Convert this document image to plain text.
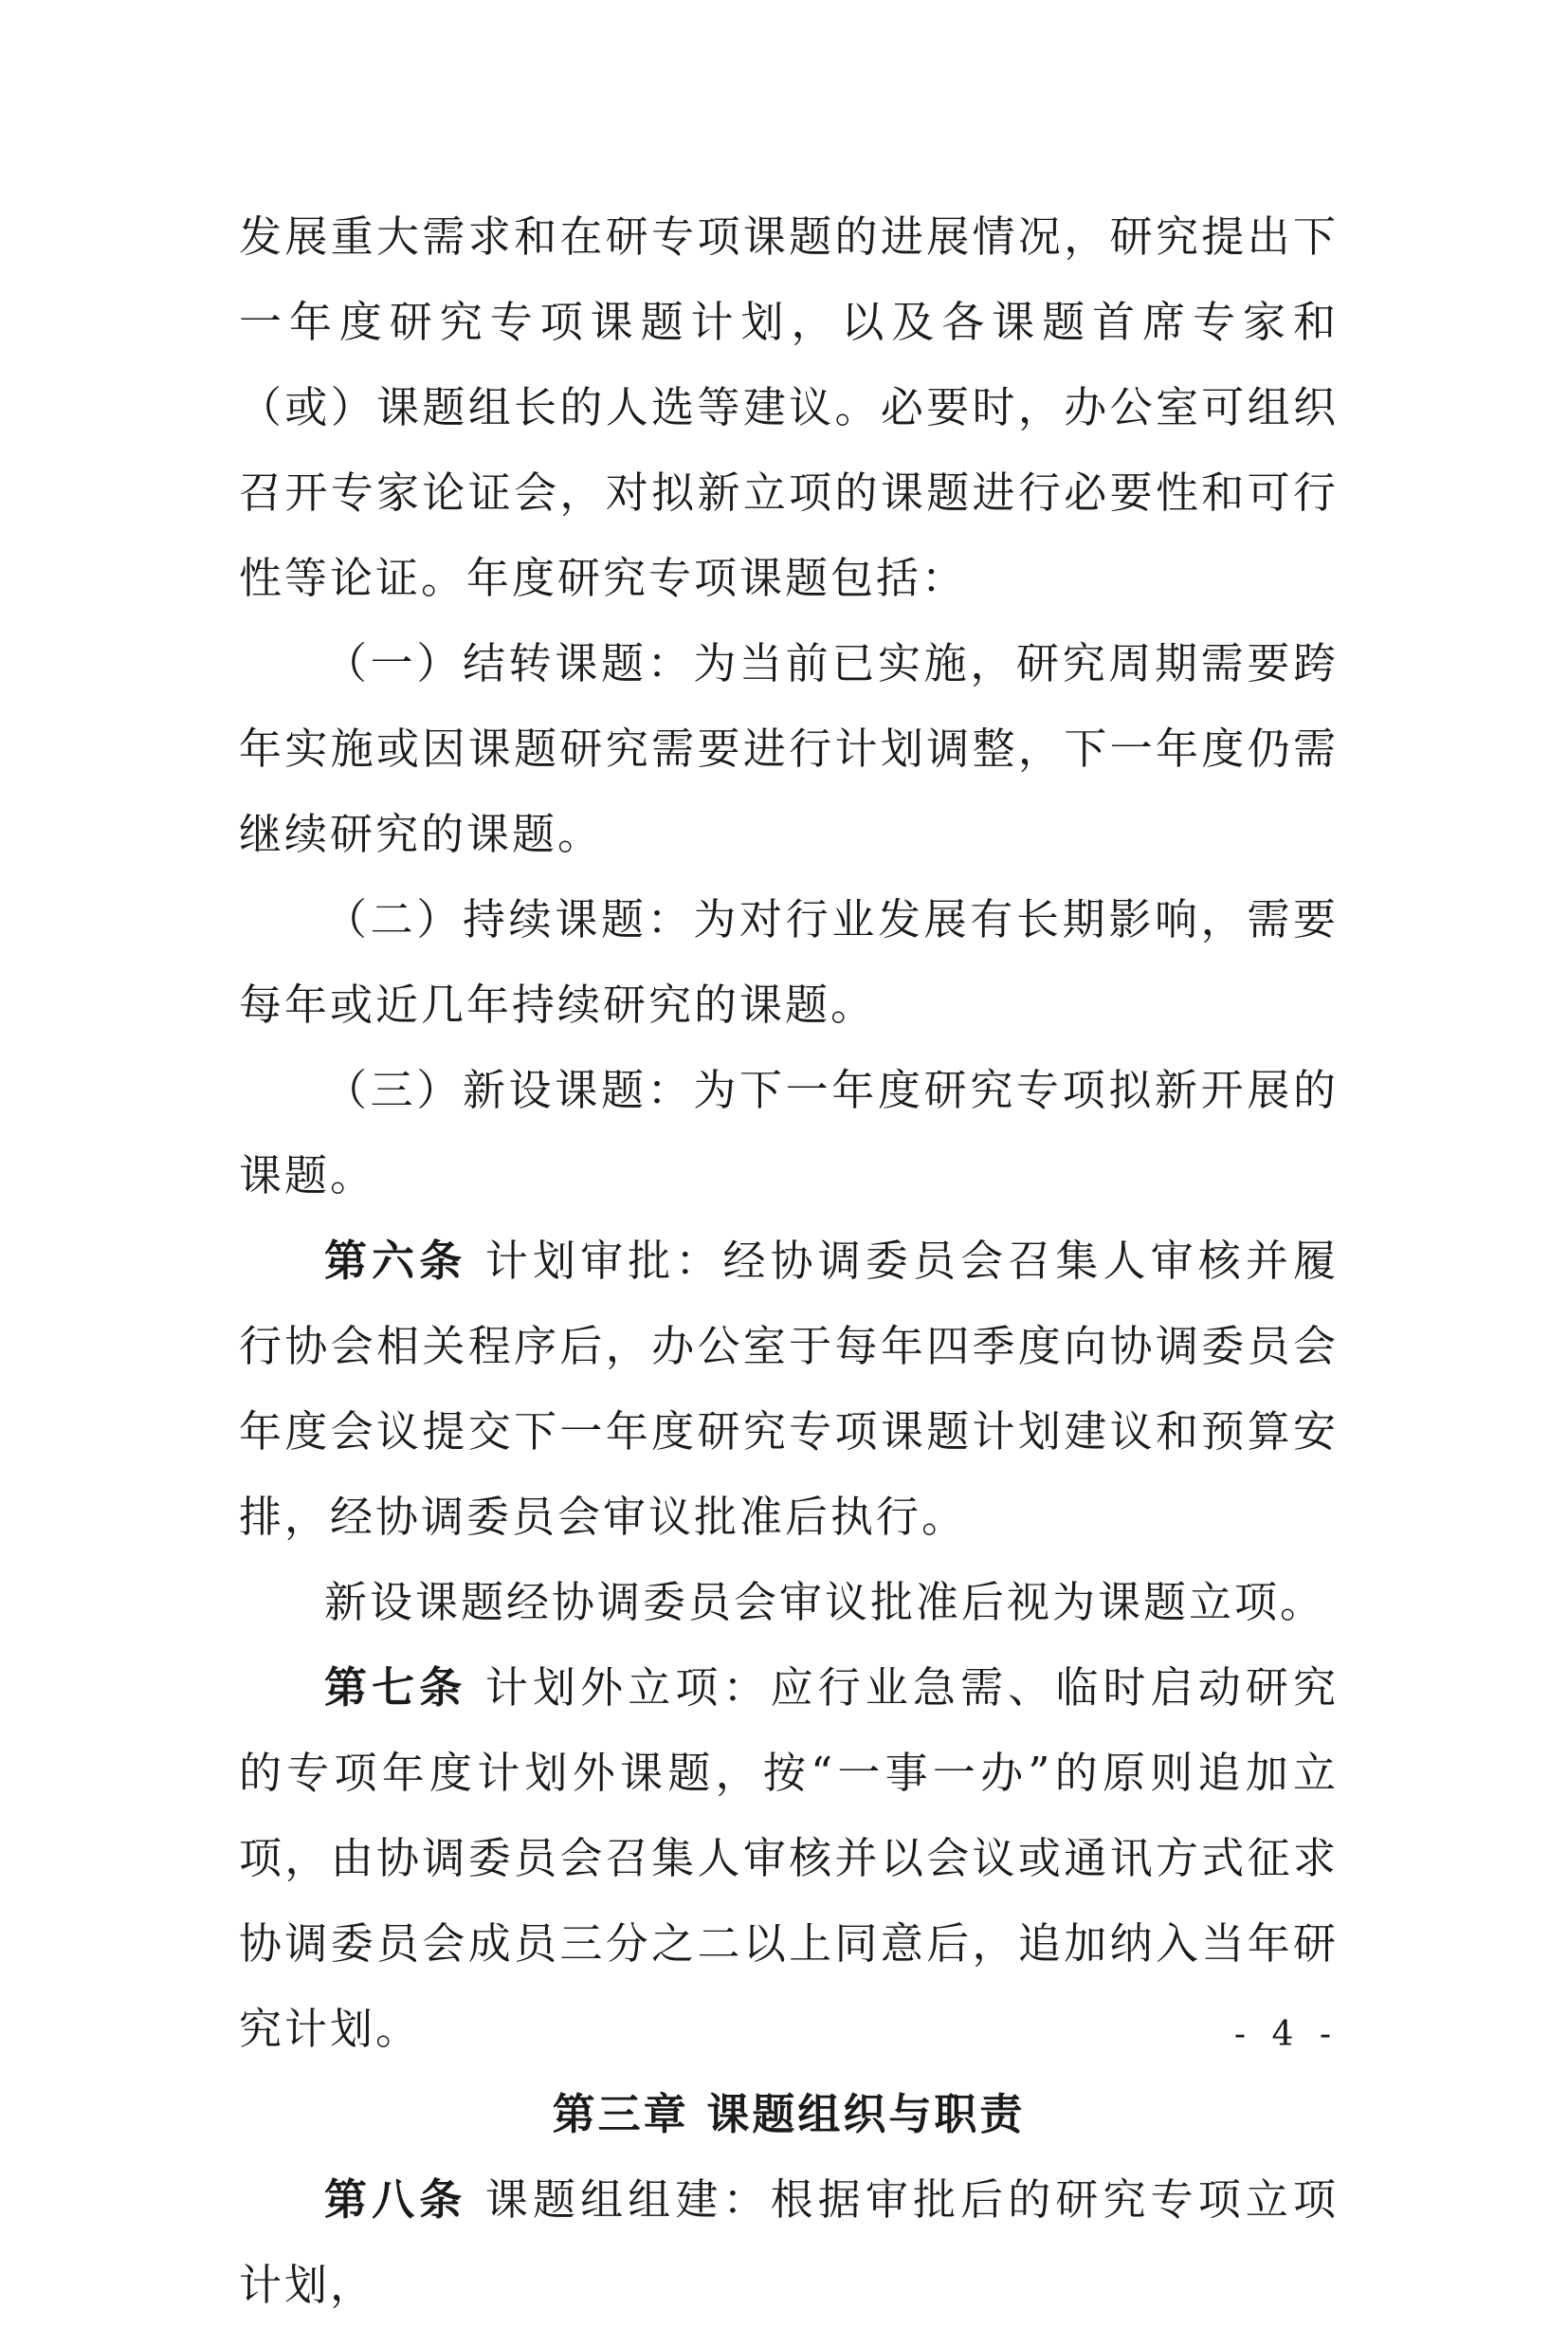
发展重大需求和在研专项课题的进展情况，研究提出下一年度研究专项课题计划，以及各课题首席专家和（或）课题组长的人选等建议。必要时，办公室可组织召开专家论证会，对拟新立项的课题进行必要性和可行性等论证。年度研究专项课题包括：

（一）结转课题：为当前已实施，研究周期需要跨年实施或因课题研究需要进行计划调整，下一年度仍需继续研究的课题。

（二）持续课题：为对行业发展有长期影响，需要每年或近几年持续研究的课题。

（三）新设课题：为下一年度研究专项拟新开展的课题。

第六条 计划审批：经协调委员会召集人审核并履行协会相关程序后，办公室于每年四季度向协调委员会年度会议提交下一年度研究专项课题计划建议和预算安排，经协调委员会审议批准后执行。

新设课题经协调委员会审议批准后视为课题立项。

第七条 计划外立项：应行业急需、临时启动研究的专项年度计划外课题，按“一事一办”的原则追加立项，由协调委员会召集人审核并以会议或通讯方式征求协调委员会成员三分之二以上同意后，追加纳入当年研究计划。

第三章 课题组织与职责

第八条 课题组组建：根据审批后的研究专项立项计划，

- 4 -
